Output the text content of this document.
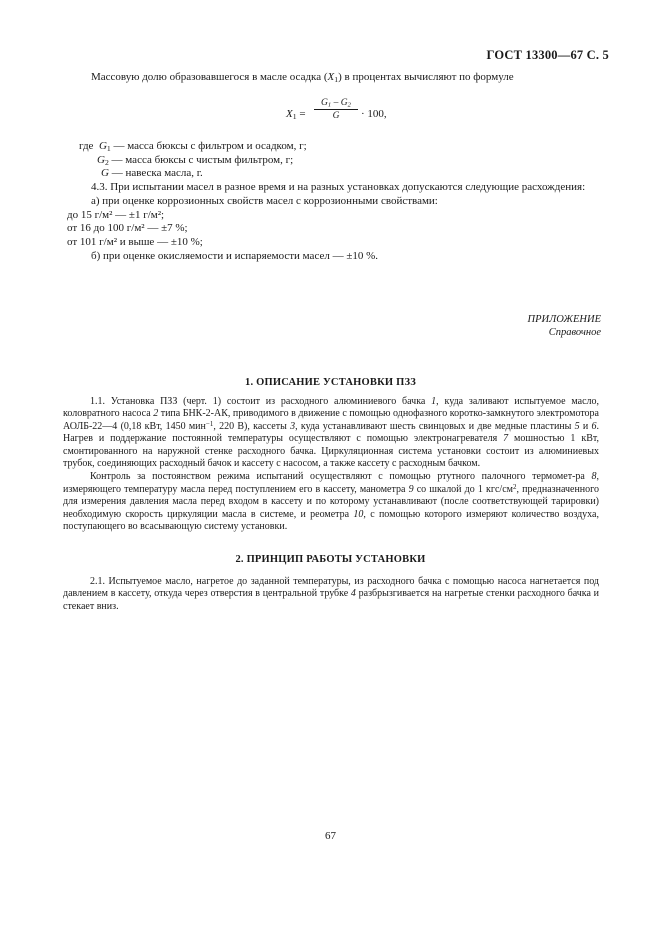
ГОСТ 13300—67 С. 5
Массовую долю образовавшегося в масле осадка $(X_1)$ в процентах вычисляют по формуле
$X_1 = \frac{G_1 - G_2}{G} \cdot 100$,
где $G_1$ — масса бюксы с фильтром и осадком, г;
$G_2$ — масса бюксы с чистым фильтром, г;
G — навеска масла, г.
4.3. При испытании масел в разное время и на разных установках допускаются следующие расхождения:
а) при оценке коррозионных свойств масел с коррозионными свойствами:
до 15 г/м² — ±1 г/м²;
от 16 до 100 г/м² — ±7 %;
от 101 г/м² и выше — ±10 %;
б) при оценке окисляемости и испаряемости масел — ±10 %.
ПРИЛОЖЕНИЕ
Справочное
1. ОПИСАНИЕ УСТАНОВКИ ПЗЗ
1.1. Установка ПЗЗ (черт. 1) состоит из расходного алюминиевого бачка 1, куда заливают испытуемое масло, коловратного насоса 2 типа БНК-2-АК, приводимого в движение с помощью однофазного коротко-замкнутого электромотора АОЛБ-22—4 (0,18 кВт, 1450 мин$^{-1}$, 220 В), кассеты 3, куда устанавливают шесть свинцовых и две медные пластины 5 и 6. Нагрев и поддержание постоянной температуры осуществляют с помощью электронагревателя 7 мошностью 1 кВт, смонтированного на наружной стенке расходного бачка. Циркуляционная система установки состоит из алюминиевых трубок, соединяющих расходный бачок и кассету с насосом, а также кассету с расходным бачком.
Контроль за постоянством режима испытаний осуществляют с помощью ртутного палочного термомет-ра 8, измеряющего температуру масла перед поступлением его в кассету, манометра 9 со шкалой до 1 кгс/$см^2$, предназначенного для измерения давления масла перед входом в кассету и по которому устанавливают (после соответствующей тарировки) необходимую скорость циркуляции масла в системе, и реометра 10, с помощью которого измеряют количество воздуха, поступающего во всасывающую систему установки.
2. ПРИНЦИП РАБОТЫ УСТАНОВКИ
2.1. Испытуемое масло, нагретое до заданной температуры, из расходного бачка с помощью насоса нагнетается под давлением в кассету, откуда через отверстия в центральной трубке 4 разбрызгивается на нагретые стенки расходного бачка и стекает вниз.
67
